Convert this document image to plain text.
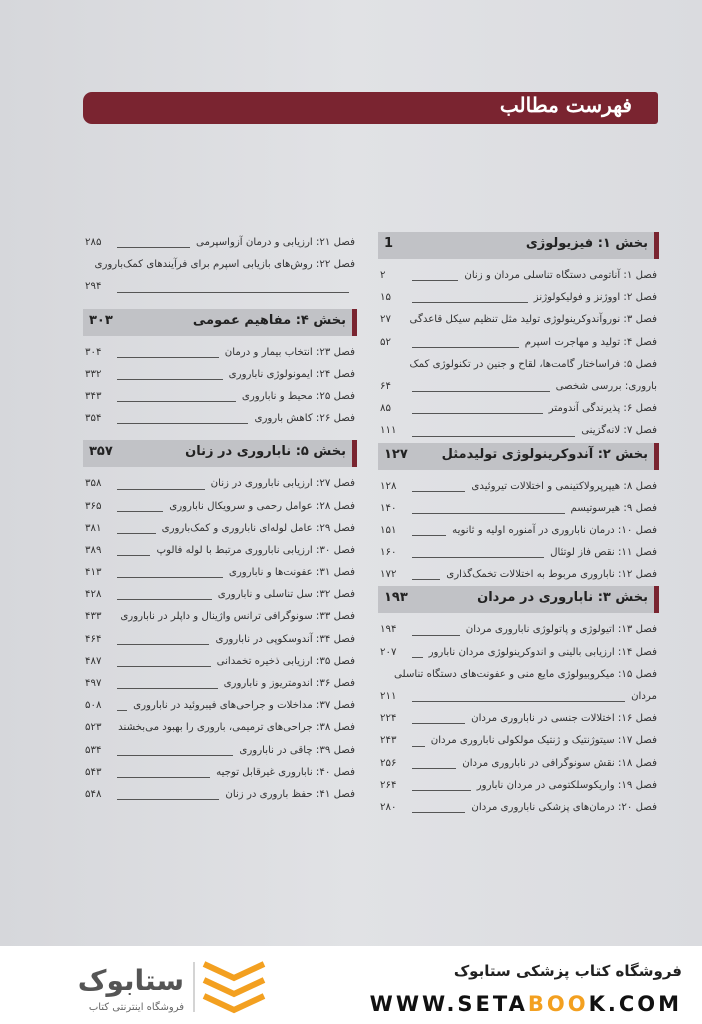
فهرست مطالب
بخش ۱: فیزیولوژی
1
فصل ۱: آناتومی دستگاه تناسلی مردان و زنان
۲
فصل ۲: اووژنز و فولیکولوژنز
۱۵
فصل ۳: نوروآندوکرینولوژی تولید مثل تنظیم سیکل قاعدگی
۲۷
فصل ۴: تولید و مهاجرت اسپرم
۵۲
فصل ۵: فراساختار گامت‌ها، لقاح و جنین در تکنولوژی کمک
باروری: بررسی شخصی
۶۴
فصل ۶: پذیرندگی آندومتر
۸۵
فصل ۷: لانه‌گزینی
۱۱۱
بخش ۲: آندوکرینولوژی تولیدمثل
۱۲۷
فصل ۸: هیپرپرولاکتینمی و اختلالات تیروئیدی
۱۲۸
فصل ۹: هیرسوتیسم
۱۴۰
فصل ۱۰: درمان ناباروری در آمنوره اولیه و ثانویه
۱۵۱
فصل ۱۱: نقص فاز لوتئال
۱۶۰
فصل ۱۲: ناباروری مربوط به اختلالات تخمک‌گذاری
۱۷۲
بخش ۳: ناباروری در مردان
۱۹۳
فصل ۱۳: اتیولوژی و پاتولوژی ناباروری مردان
۱۹۴
فصل ۱۴: ارزیابی بالینی و اندوکرینولوژی مردان نابارور
۲۰۷
فصل ۱۵: میکروبیولوژی مایع منی و عفونت‌های دستگاه تناسلی
مردان
۲۱۱
فصل ۱۶: اختلالات جنسی در ناباروری مردان
۲۲۴
فصل ۱۷: سیتوژنتیک و ژنتیک مولکولی ناباروری مردان
۲۴۳
فصل ۱۸: نقش سونوگرافی در ناباروری مردان
۲۵۶
فصل ۱۹: واریکوسلکتومی در مردان نابارور
۲۶۴
فصل ۲۰: درمان‌های پزشکی ناباروری مردان
۲۸۰
فصل ۲۱: ارزیابی و درمان آزواسپرمی
۲۸۵
فصل ۲۲: روش‌های بازیابی اسپرم برای فرآیندهای کمک‌باروری
۲۹۴
بخش ۴: مفاهیم عمومی
۳۰۳
فصل ۲۳: انتخاب بیمار و درمان
۳۰۴
فصل ۲۴: ایمونولوژی ناباروری
۳۳۲
فصل ۲۵: محیط و ناباروری
۳۴۳
فصل ۲۶: کاهش باروری
۳۵۴
بخش ۵: ناباروری در زنان
۳۵۷
فصل ۲۷: ارزیابی ناباروری در زنان
۳۵۸
فصل ۲۸: عوامل رحمی و سرویکال ناباروری
۳۶۵
فصل ۲۹: عامل لوله‌ای ناباروری و کمک‌باروری
۳۸۱
فصل ۳۰: ارزیابی ناباروری مرتبط با لوله فالوپ
۳۸۹
فصل ۳۱: عفونت‌ها و ناباروری
۴۱۳
فصل ۳۲: سل تناسلی و ناباروری
۴۲۸
فصل ۳۳: سونوگرافی ترانس واژینال و داپلر در ناباروری
۴۳۳
فصل ۳۴: آندوسکوپی در ناباروری
۴۶۴
فصل ۳۵: ارزیابی ذخیره تخمدانی
۴۸۷
فصل ۳۶: اندومتریوز و ناباروری
۴۹۷
فصل ۳۷: مداخلات و جراحی‌های فیبروئید در ناباروری
۵۰۸
فصل ۳۸: جراحی‌های ترمیمی، باروری را بهبود می‌بخشند
۵۲۳
فصل ۳۹: چاقی در ناباروری
۵۳۴
فصل ۴۰: ناباروری غیرقابل توجیه
۵۴۳
فصل ۴۱: حفظ باروری در زنان
۵۴۸
فروشگاه کتاب پزشکی ستابوک
WWW.SETABOOK.COM
ستابوک
فروشگاه اینترنتی کتاب
